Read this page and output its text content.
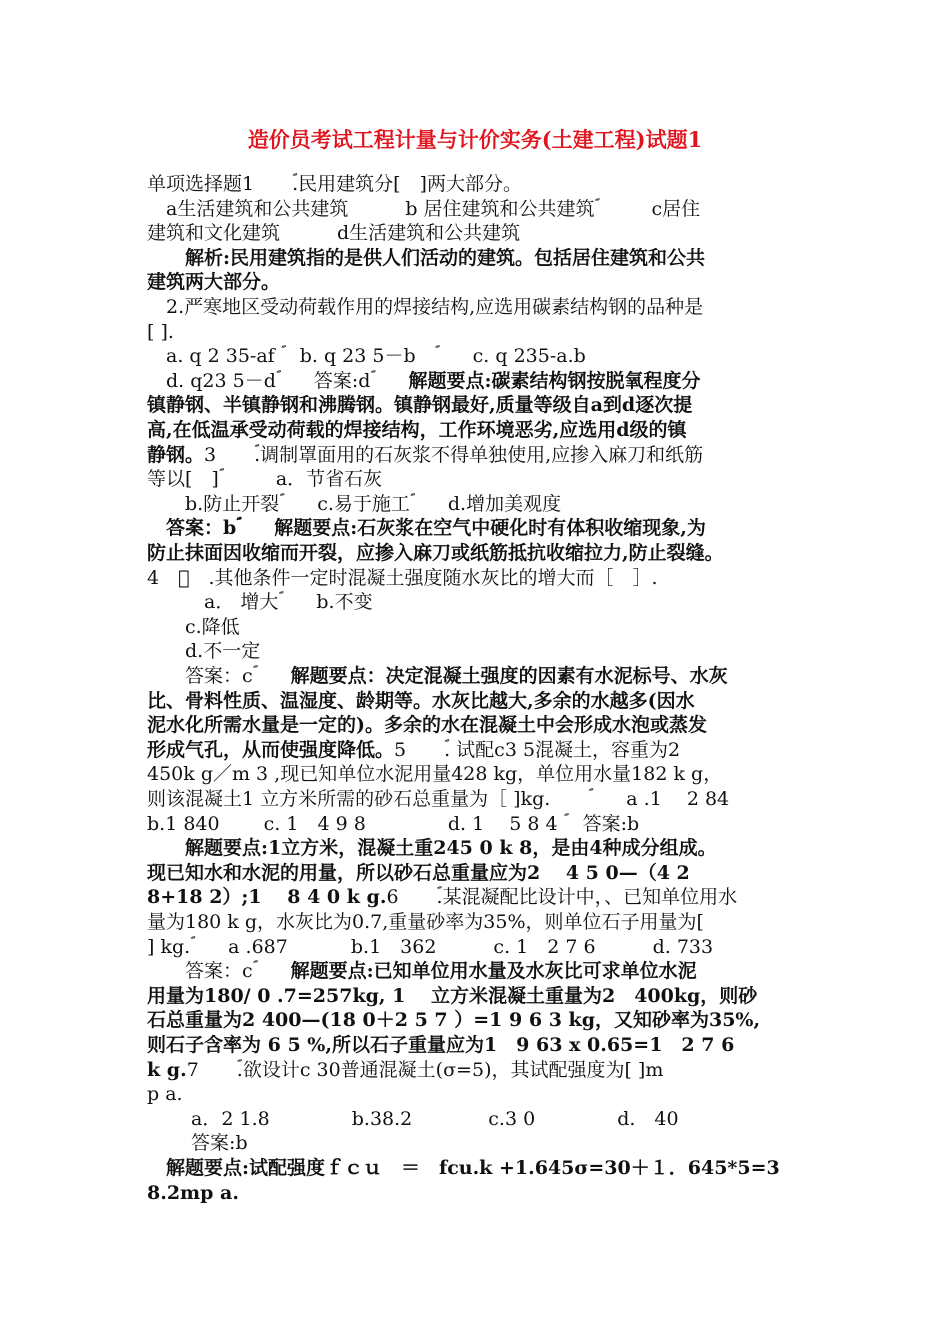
造价员考试工程计量与计价实务(土建工程)试题1
单项选择题1　　ؐ.民用建筑分[　]两大部分。
　a生活建筑和公共建筑　　　b 居住建筑和公共建筑ؐ　　　c居住
建筑和文化建筑　　　d生活建筑和公共建筑
　　解析:民用建筑指的是供人们活动的建筑。包括居住建筑和公共
建筑两大部分。
　2.严寒地区受动荷载作用的焊接结构,应选用碳素结构钢的品种是
[ ].
　a. q 2 35-af ؐ　b. q 23 5－b　ؐ　　c. q 235-a.b
　d. q23 5－dؐ　　答案:dؐ　　解题要点:碳素结构钢按脱氧程度分
镇静钢、半镇静钢和沸腾钢。镇静钢最好,质量等级自a到d逐次提
高,在低温承受动荷载的焊接结构，工作环境恶劣,应选用d级的镇
静钢。3　　ؐ.调制罩面用的石灰浆不得单独使用,应掺入麻刀和纸筋
等以[　]ؐ　　　a．节省石灰
　　b.防止开裂ؐ　　c.易于施工ؐ　　d.增加美观度
　答案：bؐ　　解题要点:石灰浆在空气中硬化时有体积收缩现象,为
防止抹面因收缩而开裂，应掺入麻刀或纸筋抵抗收缩拉力,防止裂缝。
4　　ؐ.其他条件一定时混凝土强度随水灰比的增大而［　］.
　　　a． 增大ؐ　　b.不变
　　c.降低
　　d.不一定
　　答案：cؐ　　解题要点：决定混凝土强度的因素有水泥标号、水灰
比、骨料性质、温湿度、龄期等。水灰比越大,多余的水越多(因水
泥水化所需水量是一定的)。多余的水在混凝土中会形成水泡或蒸发
形成气孔，从而使强度降低。5　　ؐ. 试配c3 5混凝土，容重为2
450k g／m 3 ,现已知单位水泥用量428 kg，单位用水量182 k g，
则该混凝土1 立方米所需的砂石总重量为［ ]kg.　　ؐ　　a .1　 2 84
b.1 840　　 c. 1　4 9 8　　　　 d. 1　 5 8 4 ؐ　答案:b
　　解题要点:1立方米，混凝土重245 0 k 8，是由4种成分组成。
现已知水和水泥的用量，所以砂石总重量应为2　 4 5 0—（4 2
8+18 2）;1　 8 4 0 k g.6　　ؐ.某混凝配比设计中，、已知单位用水
量为180 k g，水灰比为0.7,重量砂率为35%，则单位石子用量为[
] kg.ؐ　　a .687　　　 b.1　362　　　c. 1　2 7 6　　　d. 733
　　答案：cؐ　　解题要点:已知单位用水量及水灰比可求单位水泥
用量为180/ 0 .7=257kg, 1　 立方米混凝土重量为2　400kg，则砂
石总重量为2 400—(18 0＋2 5 7 ）=1 9 6 3 kg，又知砂率为35%,
则石子含率为 6 5 %,所以石子重量应为1　9 63 x 0.65=1　2 7 6
k g.7　　ؐ.欲设计c 30普通混凝土(σ=5)，其试配强度为[ ]m
p a.
　　 a．2 1.8　　　　 b.38.2　　　　c.3 0　　　　 d.　40
　　 答案:b
　解题要点:试配强度ｆｃｕ　＝　fcu.k +1.645σ=30＋１．645*5=3
8.2mp a.
